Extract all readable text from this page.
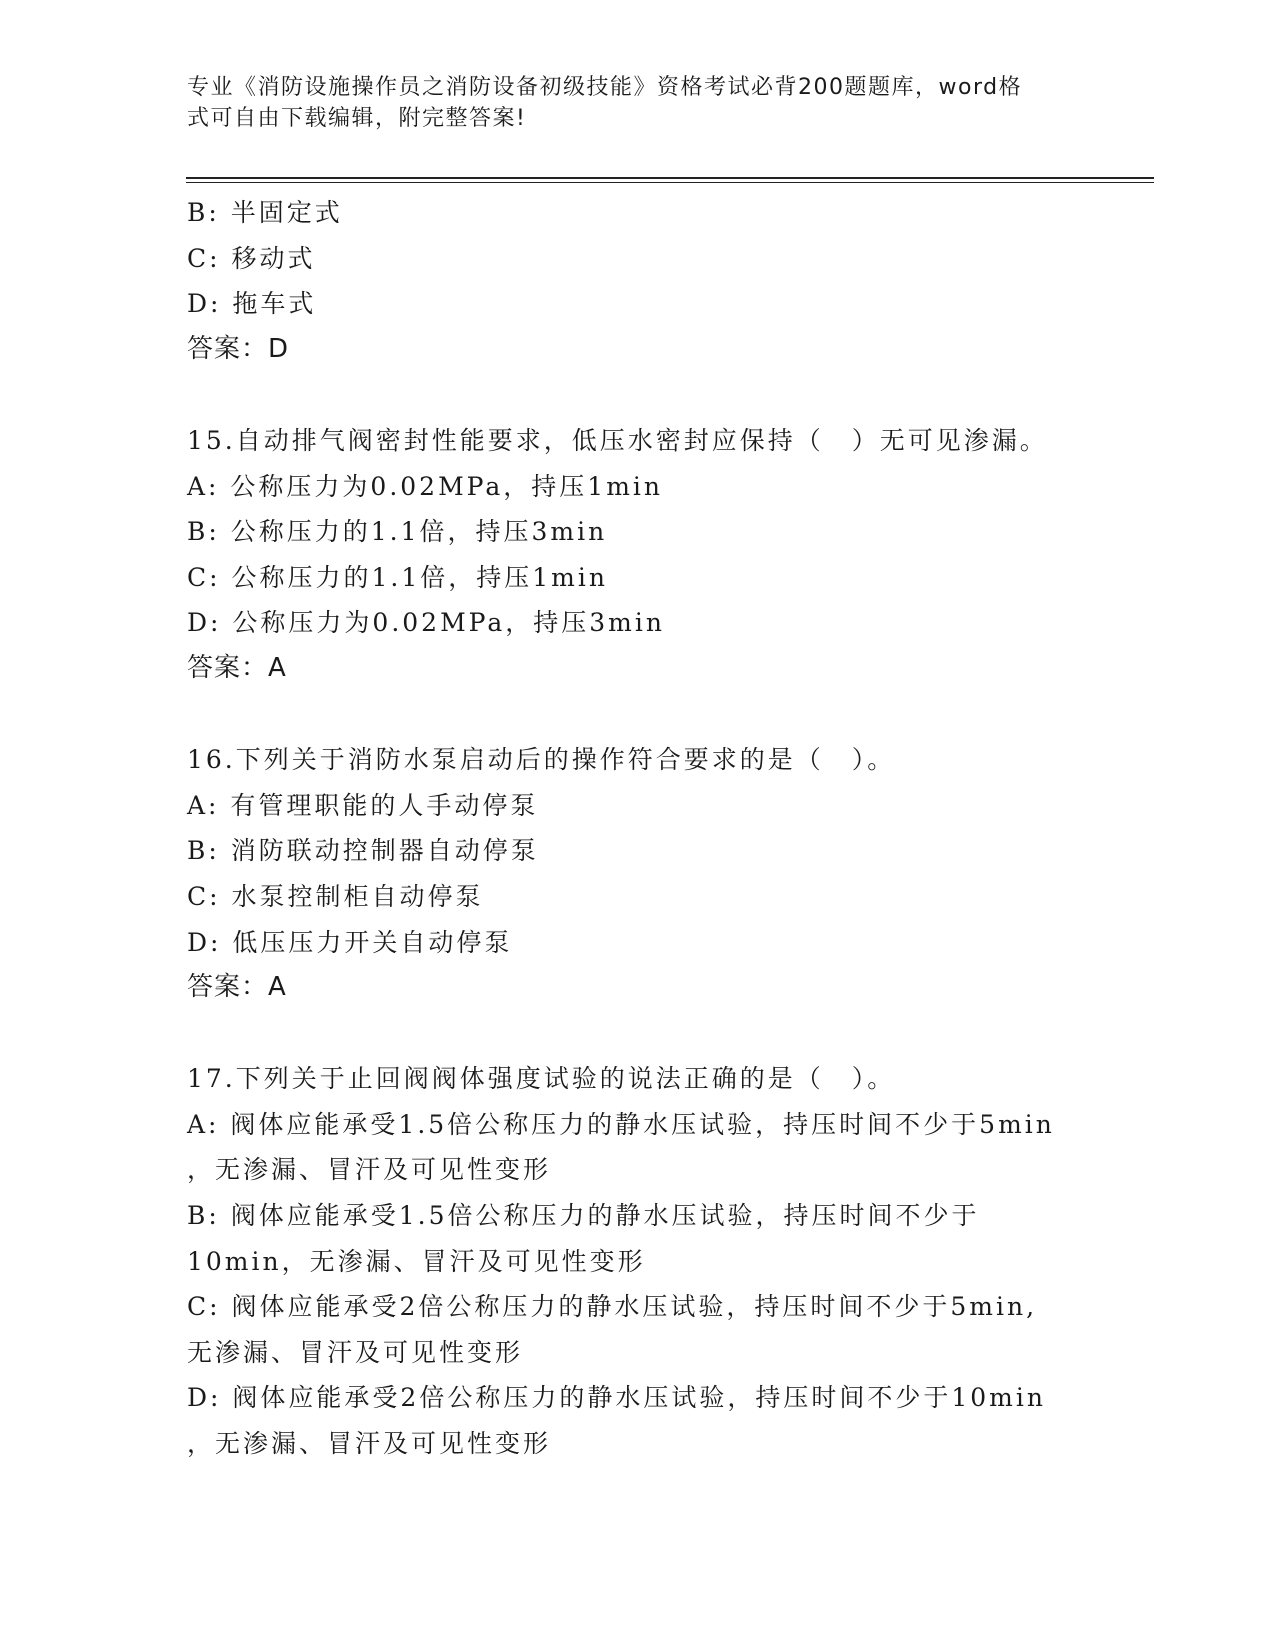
专业《消防设施操作员之消防设备初级技能》资格考试必背200题题库，word格
式可自由下载编辑，附完整答案!
B: 半固定式
C: 移动式
D: 拖车式
答案：D
15.自动排气阀密封性能要求，低压水密封应保持（　）无可见渗漏。
A: 公称压力为0.02MPa，持压1min
B: 公称压力的1.1倍，持压3min
C: 公称压力的1.1倍，持压1min
D: 公称压力为0.02MPa，持压3min
答案：A
16.下列关于消防水泵启动后的操作符合要求的是（　）。
A: 有管理职能的人手动停泵
B: 消防联动控制器自动停泵
C: 水泵控制柜自动停泵
D: 低压压力开关自动停泵
答案：A
17.下列关于止回阀阀体强度试验的说法正确的是（　）。
A: 阀体应能承受1.5倍公称压力的静水压试验，持压时间不少于5min
，无渗漏、冒汗及可见性变形
B: 阀体应能承受1.5倍公称压力的静水压试验，持压时间不少于
10min，无渗漏、冒汗及可见性变形
C: 阀体应能承受2倍公称压力的静水压试验，持压时间不少于5min,
无渗漏、冒汗及可见性变形
D: 阀体应能承受2倍公称压力的静水压试验，持压时间不少于10min
，无渗漏、冒汗及可见性变形
